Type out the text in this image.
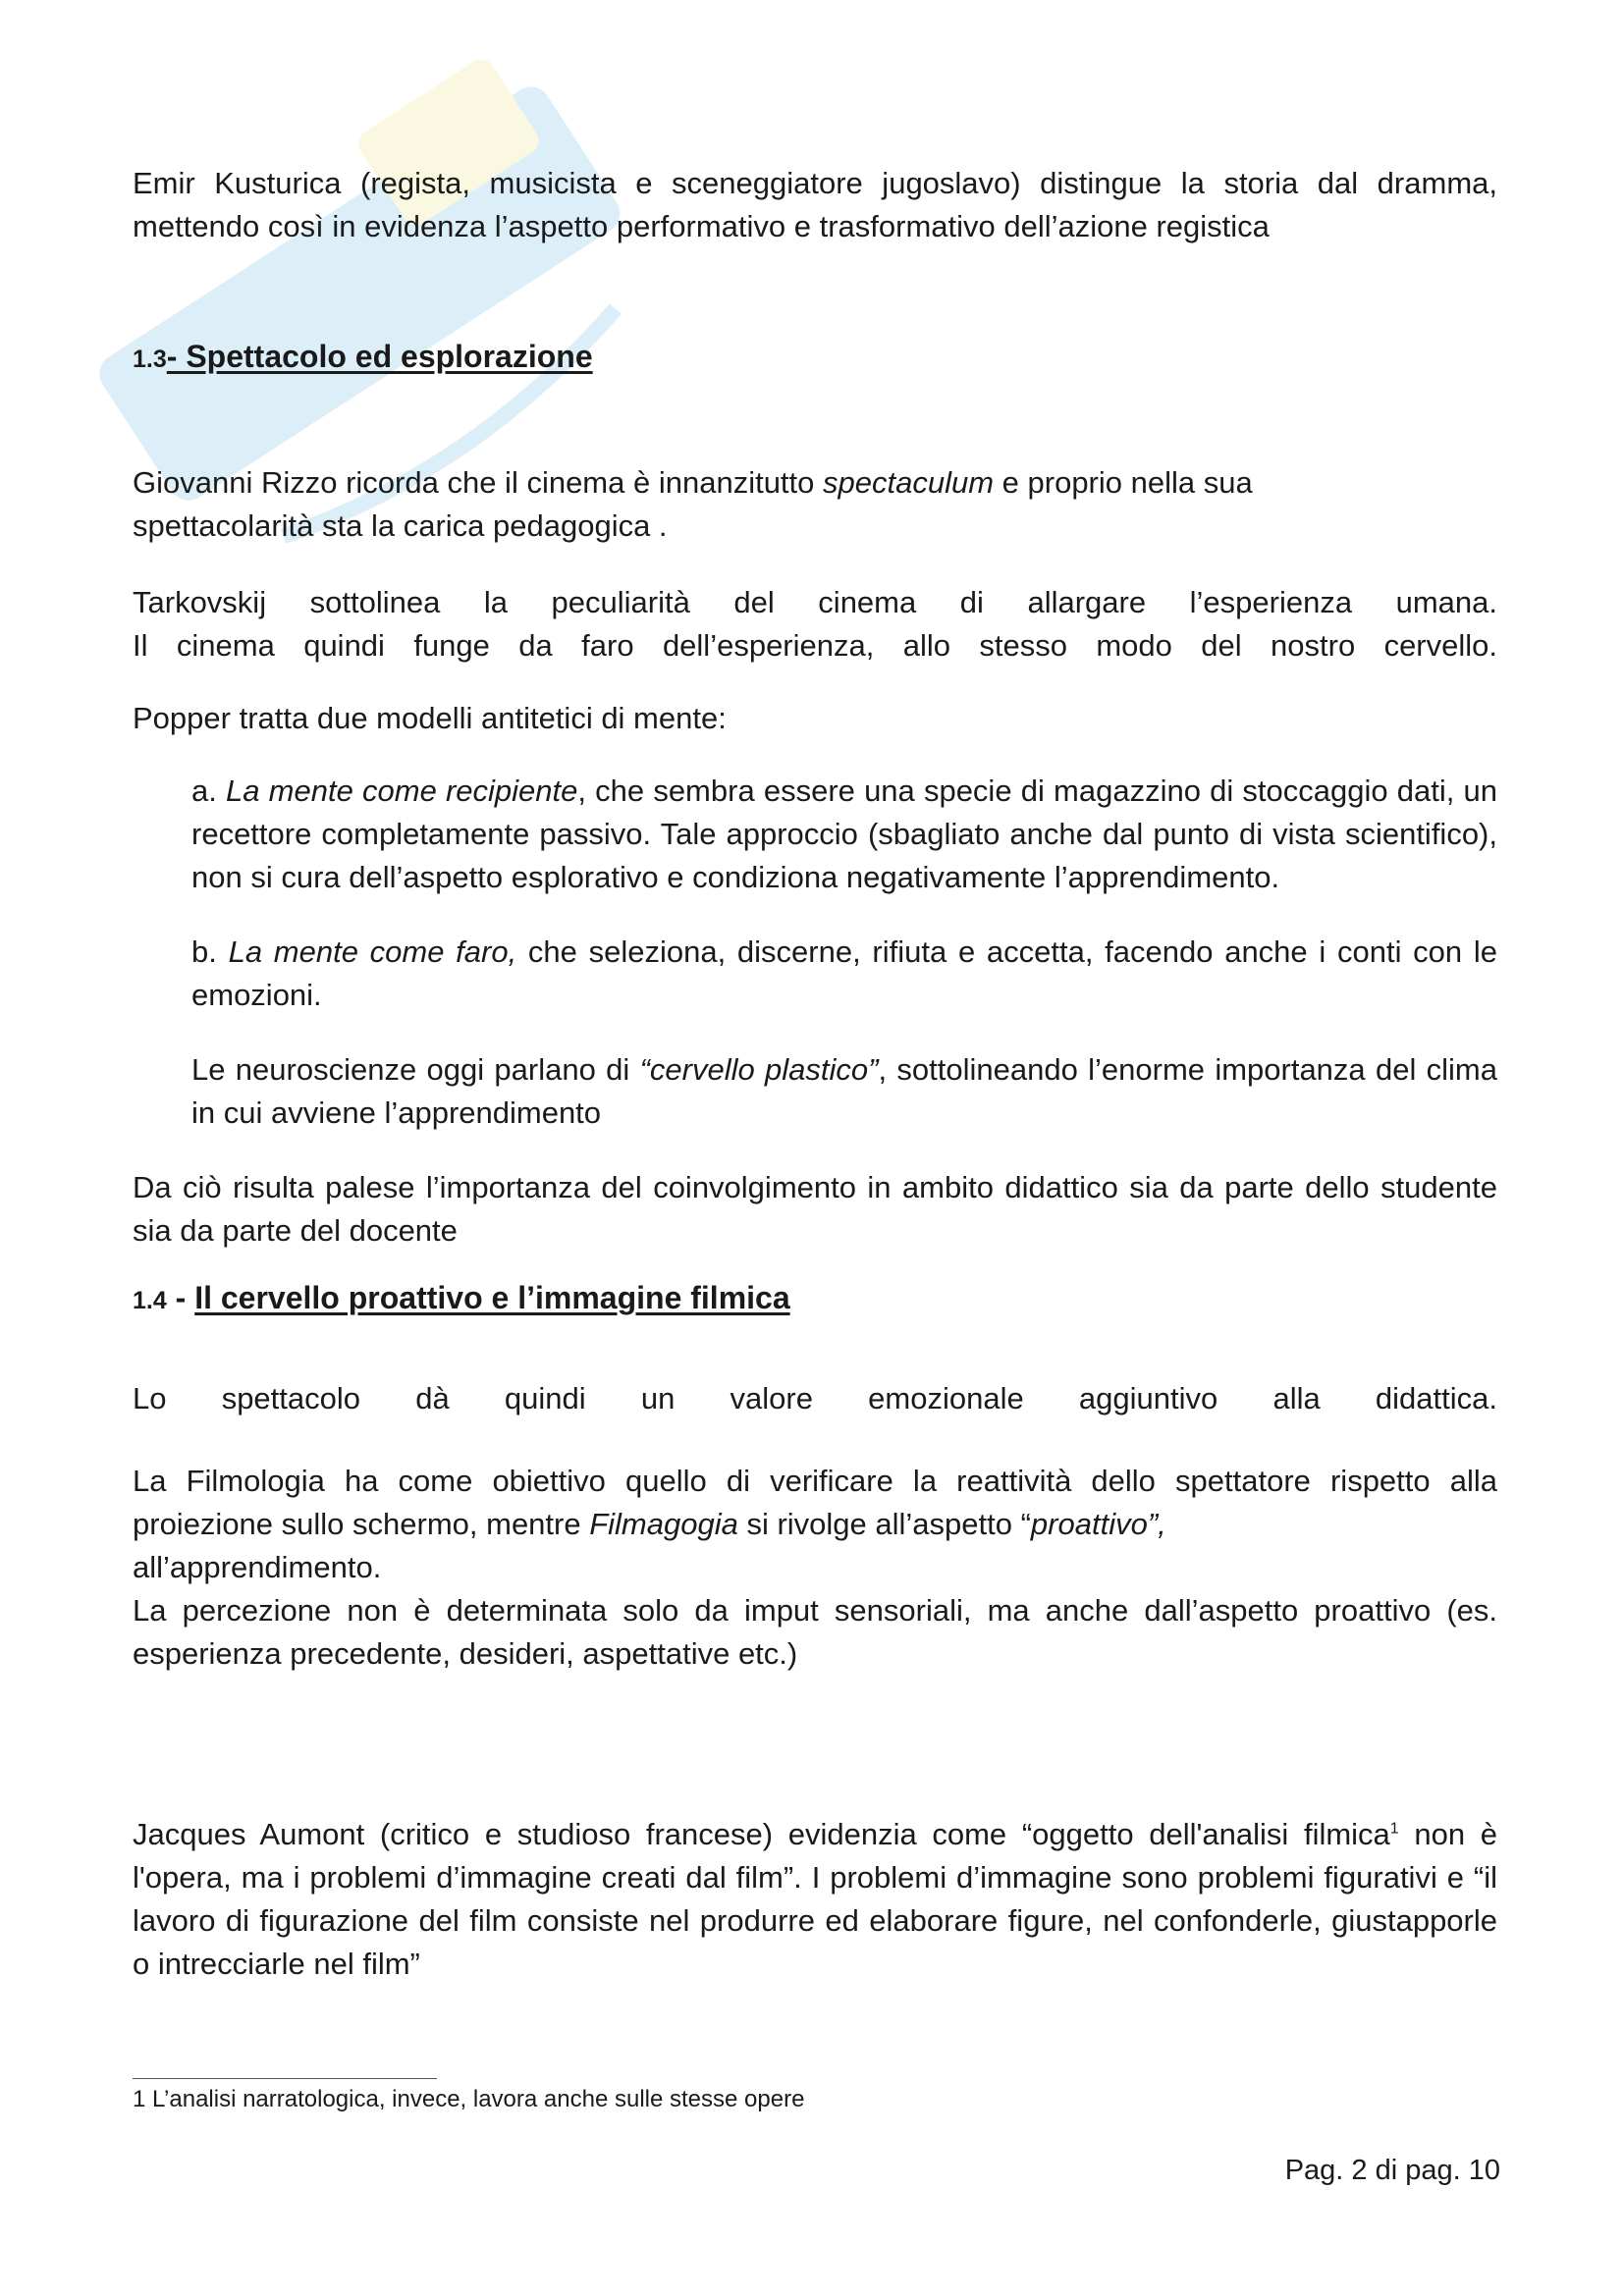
Emir Kusturica (regista, musicista e sceneggiatore jugoslavo) distingue la storia dal dramma,

mettendo così in evidenza l’aspetto performativo e trasformativo dell’azione registica

1.3- Spettacolo ed esplorazione

Giovanni Rizzo ricorda che il cinema è innanzitutto spectaculum e proprio nella sua
spettacolarità sta la carica pedagogica .

Tarkovskij sottolinea la peculiarità del cinema di allargare l’esperienza umana.
Il cinema quindi funge da faro dell’esperienza, allo stesso modo del nostro cervello.

Popper tratta due modelli antitetici di mente:

a. La mente come recipiente, che sembra essere una specie di magazzino di stoccaggio dati, un recettore completamente passivo. Tale approccio (sbagliato anche dal punto di vista scientifico), non si cura dell’aspetto esplorativo e condiziona negativamente l’apprendimento.

b. La mente come faro, che seleziona, discerne, rifiuta e accetta, facendo anche i conti con le emozioni.

Le neuroscienze oggi parlano di “cervello plastico”, sottolineando l’enorme importanza del clima in cui avviene l’apprendimento

Da ciò risulta palese l’importanza del coinvolgimento in ambito didattico sia da parte dello studente sia da parte del docente

1.4 - Il cervello proattivo e l’immagine filmica

Lo spettacolo dà quindi un valore emozionale aggiuntivo alla didattica.

La Filmologia ha come obiettivo quello di verificare la reattività dello spettatore rispetto alla proiezione sullo schermo, mentre Filmagogia si rivolge all’aspetto “proattivo”,
all’apprendimento.

La percezione non è determinata solo da imput sensoriali, ma anche dall’aspetto proattivo (es. esperienza precedente, desideri, aspettative etc.)

Jacques Aumont (critico e studioso francese) evidenzia come “oggetto dell'analisi filmica$^1$ non è l'opera, ma i problemi d’immagine creati dal film”. I problemi d’immagine sono problemi figurativi e “il lavoro di figurazione del film consiste nel produrre ed elaborare figure, nel confonderle, giustapporle o intrecciarle nel film”

1 L’analisi narratologica, invece, lavora anche sulle stesse opere

Pag. 2 di pag. 10
